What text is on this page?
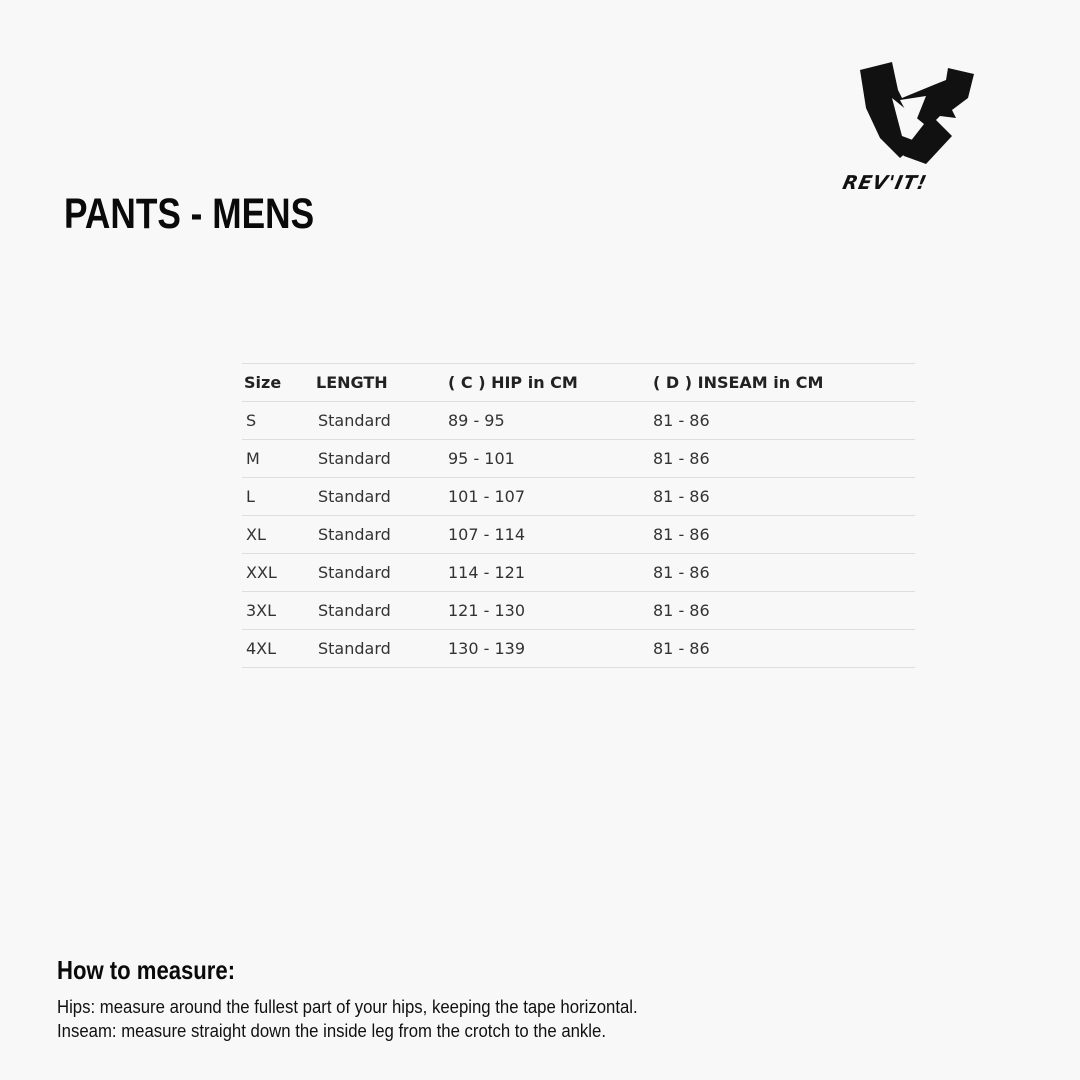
REV'IT!
PANTS - MENS
Size	LENGTH	( C ) HIP in CM	( D ) INSEAM in CM
S	Standard	89 - 95	81 - 86
M	Standard	95 - 101	81 - 86
L	Standard	101 - 107	81 - 86
XL	Standard	107 - 114	81 - 86
XXL	Standard	114 - 121	81 - 86
3XL	Standard	121 - 130	81 - 86
4XL	Standard	130 - 139	81 - 86
How to measure:

Hips: measure around the fullest part of your hips, keeping the tape horizontal.

Inseam: measure straight down the inside leg from the crotch to the ankle.
